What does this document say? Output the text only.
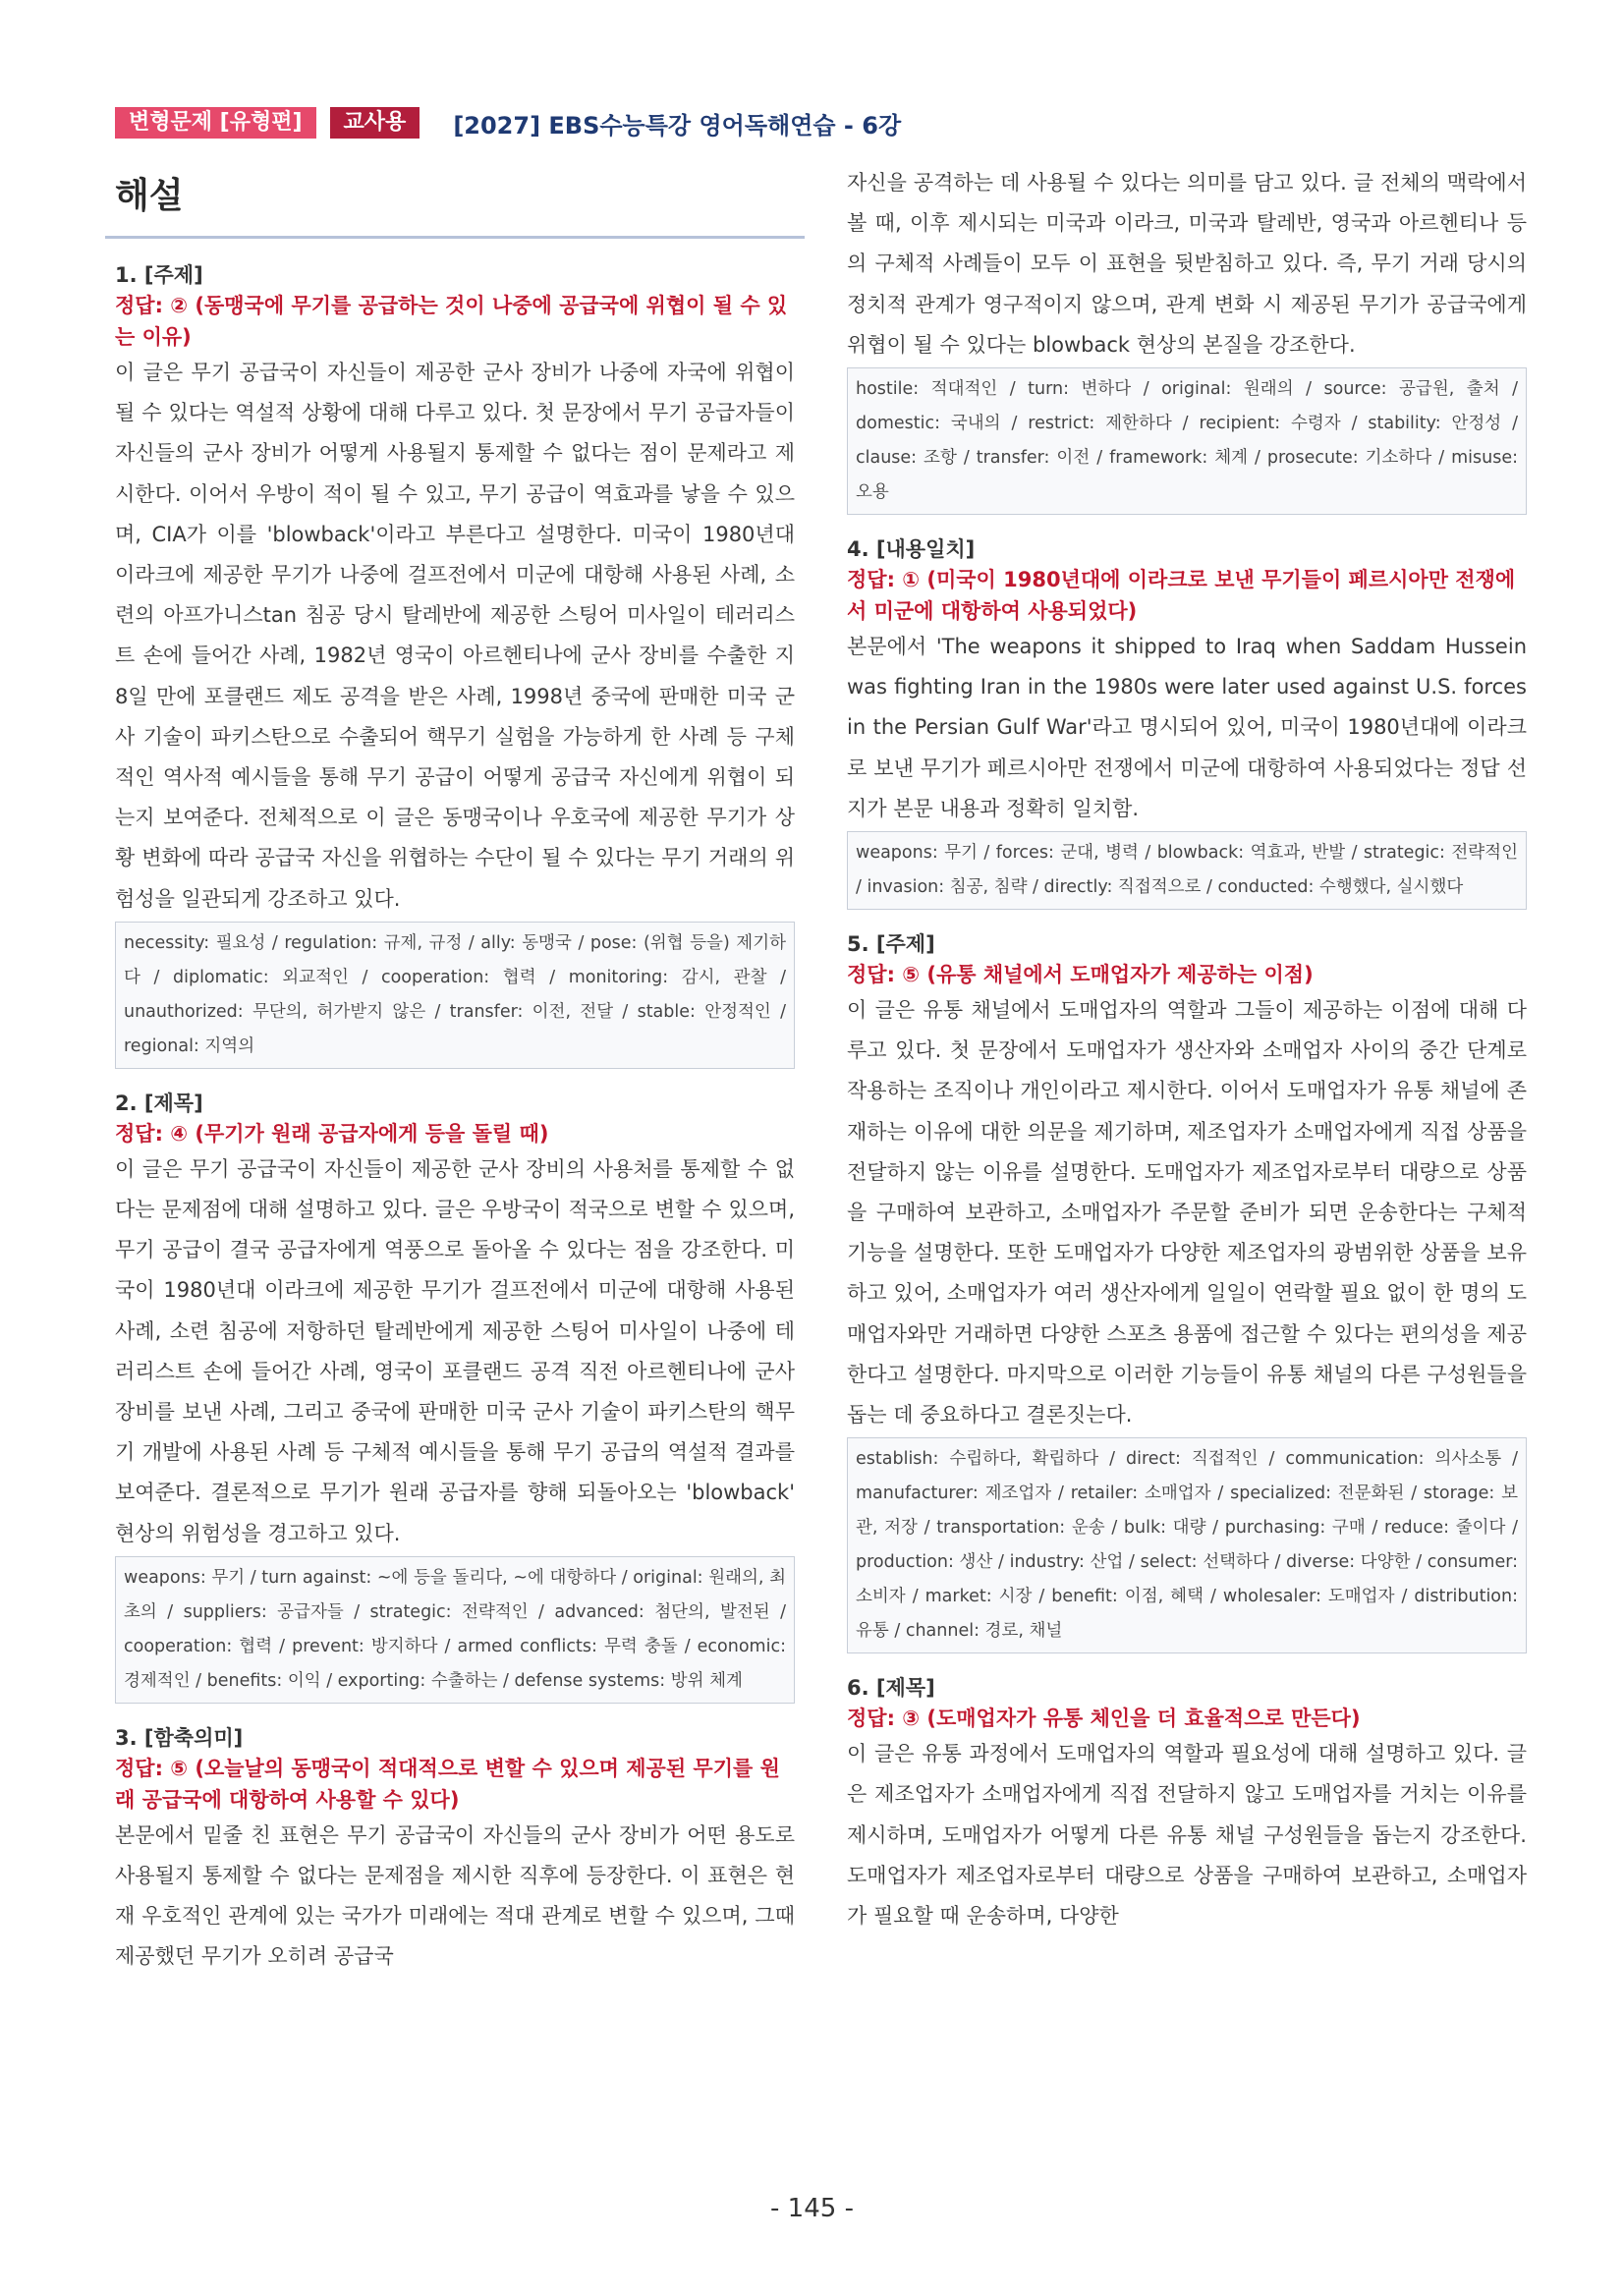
변형문제 [유형편]	교사용	[2027] EBS수능특강 영어독해연습 - 6강
해설
1. [주제]
정답: ② (동맹국에 무기를 공급하는 것이 나중에 공급국에 위협이 될 수 있는 이유)

이 글은 무기 공급국이 자신들이 제공한 군사 장비가 나중에 자국에 위협이 될 수 있다는 역설적 상황에 대해 다루고 있다. 첫 문장에서 무기 공급자들이 자신들의 군사 장비가 어떻게 사용될지 통제할 수 없다는 점이 문제라고 제시한다. 이어서 우방이 적이 될 수 있고, 무기 공급이 역효과를 낳을 수 있으며, CIA가 이를 'blowback'이라고 부른다고 설명한다. 미국이 1980년대 이라크에 제공한 무기가 나중에 걸프전에서 미군에 대항해 사용된 사례, 소련의 아프가니스tan 침공 당시 탈레반에 제공한 스팅어 미사일이 테러리스트 손에 들어간 사례, 1982년 영국이 아르헨티나에 군사 장비를 수출한 지 8일 만에 포클랜드 제도 공격을 받은 사례, 1998년 중국에 판매한 미국 군사 기술이 파키스탄으로 수출되어 핵무기 실험을 가능하게 한 사례 등 구체적인 역사적 예시들을 통해 무기 공급이 어떻게 공급국 자신에게 위협이 되는지 보여준다. 전체적으로 이 글은 동맹국이나 우호국에 제공한 무기가 상황 변화에 따라 공급국 자신을 위협하는 수단이 될 수 있다는 무기 거래의 위험성을 일관되게 강조하고 있다.

necessity: 필요성 / regulation: 규제, 규정 / ally: 동맹국 / pose: (위협 등을) 제기하다 / diplomatic: 외교적인 / cooperation: 협력 / monitoring: 감시, 관찰 / unauthorized: 무단의, 허가받지 않은 / transfer: 이전, 전달 / stable: 안정적인 / regional: 지역의
2. [제목]
정답: ④ (무기가 원래 공급자에게 등을 돌릴 때)

이 글은 무기 공급국이 자신들이 제공한 군사 장비의 사용처를 통제할 수 없다는 문제점에 대해 설명하고 있다. 글은 우방국이 적국으로 변할 수 있으며, 무기 공급이 결국 공급자에게 역풍으로 돌아올 수 있다는 점을 강조한다. 미국이 1980년대 이라크에 제공한 무기가 걸프전에서 미군에 대항해 사용된 사례, 소련 침공에 저항하던 탈레반에게 제공한 스팅어 미사일이 나중에 테러리스트 손에 들어간 사례, 영국이 포클랜드 공격 직전 아르헨티나에 군사 장비를 보낸 사례, 그리고 중국에 판매한 미국 군사 기술이 파키스탄의 핵무기 개발에 사용된 사례 등 구체적 예시들을 통해 무기 공급의 역설적 결과를 보여준다. 결론적으로 무기가 원래 공급자를 향해 되돌아오는 'blowback' 현상의 위험성을 경고하고 있다.

weapons: 무기 / turn against: ~에 등을 돌리다, ~에 대항하다 / original: 원래의, 최초의 / suppliers: 공급자들 / strategic: 전략적인 / advanced: 첨단의, 발전된 / cooperation: 협력 / prevent: 방지하다 / armed conflicts: 무력 충돌 / economic: 경제적인 / benefits: 이익 / exporting: 수출하는 / defense systems: 방위 체계
3. [함축의미]
정답: ⑤ (오늘날의 동맹국이 적대적으로 변할 수 있으며 제공된 무기를 원래 공급국에 대항하여 사용할 수 있다)

본문에서 밑줄 친 표현은 무기 공급국이 자신들의 군사 장비가 어떤 용도로 사용될지 통제할 수 없다는 문제점을 제시한 직후에 등장한다. 이 표현은 현재 우호적인 관계에 있는 국가가 미래에는 적대 관계로 변할 수 있으며, 그때 제공했던 무기가 오히려 공급국

자신을 공격하는 데 사용될 수 있다는 의미를 담고 있다. 글 전체의 맥락에서 볼 때, 이후 제시되는 미국과 이라크, 미국과 탈레반, 영국과 아르헨티나 등의 구체적 사례들이 모두 이 표현을 뒷받침하고 있다. 즉, 무기 거래 당시의 정치적 관계가 영구적이지 않으며, 관계 변화 시 제공된 무기가 공급국에게 위협이 될 수 있다는 blowback 현상의 본질을 강조한다.

hostile: 적대적인 / turn: 변하다 / original: 원래의 / source: 공급원, 출처 / domestic: 국내의 / restrict: 제한하다 / recipient: 수령자 / stability: 안정성 / clause: 조항 / transfer: 이전 / framework: 체계 / prosecute: 기소하다 / misuse: 오용
4. [내용일치]
정답: ① (미국이 1980년대에 이라크로 보낸 무기들이 페르시아만 전쟁에서 미군에 대항하여 사용되었다)

본문에서 'The weapons it shipped to Iraq when Saddam Hussein was fighting Iran in the 1980s were later used against U.S. forces in the Persian Gulf War'라고 명시되어 있어, 미국이 1980년대에 이라크로 보낸 무기가 페르시아만 전쟁에서 미군에 대항하여 사용되었다는 정답 선지가 본문 내용과 정확히 일치함.

weapons: 무기 / forces: 군대, 병력 / blowback: 역효과, 반발 / strategic: 전략적인 / invasion: 침공, 침략 / directly: 직접적으로 / conducted: 수행했다, 실시했다
5. [주제]
정답: ⑤ (유통 채널에서 도매업자가 제공하는 이점)

이 글은 유통 채널에서 도매업자의 역할과 그들이 제공하는 이점에 대해 다루고 있다. 첫 문장에서 도매업자가 생산자와 소매업자 사이의 중간 단계로 작용하는 조직이나 개인이라고 제시한다. 이어서 도매업자가 유통 채널에 존재하는 이유에 대한 의문을 제기하며, 제조업자가 소매업자에게 직접 상품을 전달하지 않는 이유를 설명한다. 도매업자가 제조업자로부터 대량으로 상품을 구매하여 보관하고, 소매업자가 주문할 준비가 되면 운송한다는 구체적 기능을 설명한다. 또한 도매업자가 다양한 제조업자의 광범위한 상품을 보유하고 있어, 소매업자가 여러 생산자에게 일일이 연락할 필요 없이 한 명의 도매업자와만 거래하면 다양한 스포츠 용품에 접근할 수 있다는 편의성을 제공한다고 설명한다. 마지막으로 이러한 기능들이 유통 채널의 다른 구성원들을 돕는 데 중요하다고 결론짓는다.

establish: 수립하다, 확립하다 / direct: 직접적인 / communication: 의사소통 / manufacturer: 제조업자 / retailer: 소매업자 / specialized: 전문화된 / storage: 보관, 저장 / transportation: 운송 / bulk: 대량 / purchasing: 구매 / reduce: 줄이다 / production: 생산 / industry: 산업 / select: 선택하다 / diverse: 다양한 / consumer: 소비자 / market: 시장 / benefit: 이점, 혜택 / wholesaler: 도매업자 / distribution: 유통 / channel: 경로, 채널
6. [제목]
정답: ③ (도매업자가 유통 체인을 더 효율적으로 만든다)

이 글은 유통 과정에서 도매업자의 역할과 필요성에 대해 설명하고 있다. 글은 제조업자가 소매업자에게 직접 전달하지 않고 도매업자를 거치는 이유를 제시하며, 도매업자가 어떻게 다른 유통 채널 구성원들을 돕는지 강조한다. 도매업자가 제조업자로부터 대량으로 상품을 구매하여 보관하고, 소매업자가 필요할 때 운송하며, 다양한

- 145 -
